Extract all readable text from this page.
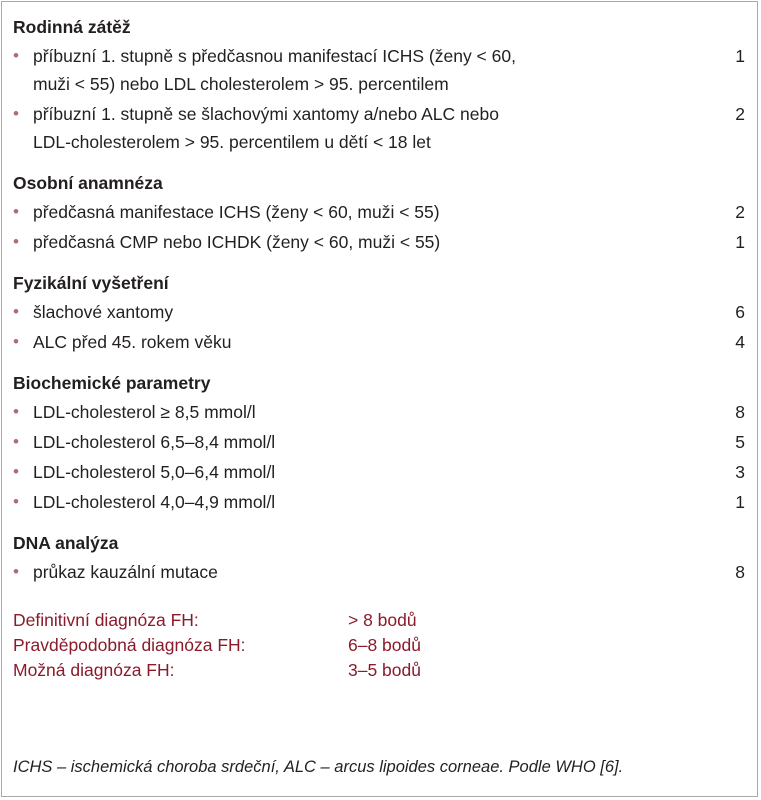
Rodinná zátěž
• příbuzní 1. stupně s předčasnou manifestací ICHS (ženy < 60,
muži < 55) nebo LDL cholesterolem > 95. percentilem
1
• příbuzní 1. stupně se šlachovými xantomy a/nebo ALC nebo
LDL-cholesterolem > 95. percentilem u dětí < 18 let
2
Osobní anamnéza
• předčasná manifestace ICHS (ženy < 60, muži < 55)	2
• předčasná CMP nebo ICHDK (ženy < 60, muži < 55)	1
Fyzikální vyšetření
• šlachové xantomy	6
• ALC před 45. rokem věku	4
Biochemické parametry
• LDL-cholesterol ≥ 8,5 mmol/l	8
• LDL-cholesterol 6,5–8,4 mmol/l	5
• LDL-cholesterol 5,0–6,4 mmol/l	3
• LDL-cholesterol 4,0–4,9 mmol/l	1
DNA analýza
• průkaz kauzální mutace	8
Definitivní diagnóza FH:	> 8 bodů
Pravděpodobná diagnóza FH:	6–8 bodů
Možná diagnóza FH:	3–5 bodů
ICHS – ischemická choroba srdeční, ALC – arcus lipoides corneae. Podle WHO [6].
